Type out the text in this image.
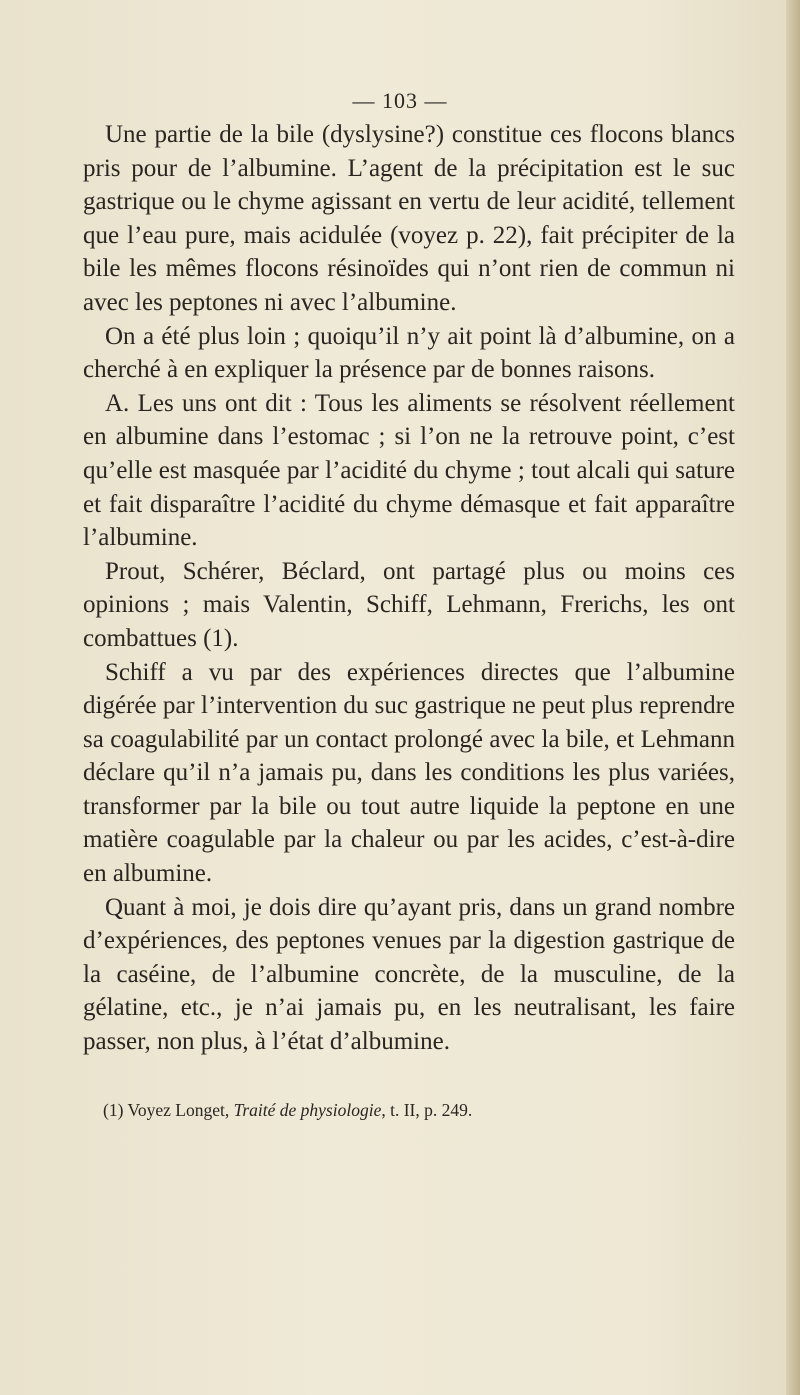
— 103 —

Une partie de la bile (dyslysine?) constitue ces flocons blancs pris pour de l’albumine. L’agent de la précipitation est le suc gastrique ou le chyme agissant en vertu de leur acidité, tellement que l’eau pure, mais acidulée (voyez p. 22), fait précipiter de la bile les mêmes flocons résinoïdes qui n’ont rien de commun ni avec les peptones ni avec l’albumine.

On a été plus loin ; quoiqu’il n’y ait point là d’albumine, on a cherché à en expliquer la présence par de bonnes raisons.

A. Les uns ont dit : Tous les aliments se résolvent réellement en albumine dans l’estomac ; si l’on ne la retrouve point, c’est qu’elle est masquée par l’acidité du chyme ; tout alcali qui sature et fait disparaître l’acidité du chyme démasque et fait apparaître l’albumine.

Prout, Schérer, Béclard, ont partagé plus ou moins ces opinions ; mais Valentin, Schiff, Lehmann, Frerichs, les ont combattues (1).

Schiff a vu par des expériences directes que l’albumine digérée par l’intervention du suc gastrique ne peut plus reprendre sa coagulabilité par un contact prolongé avec la bile, et Lehmann déclare qu’il n’a jamais pu, dans les conditions les plus variées, transformer par la bile ou tout autre liquide la peptone en une matière coagulable par la chaleur ou par les acides, c’est-à-dire en albumine.

Quant à moi, je dois dire qu’ayant pris, dans un grand nombre d’expériences, des peptones venues par la digestion gastrique de la caséine, de l’albumine concrète, de la musculine, de la gélatine, etc., je n’ai jamais pu, en les neutralisant, les faire passer, non plus, à l’état d’albumine.

(1) Voyez Longet, Traité de physiologie, t. II, p. 249.
